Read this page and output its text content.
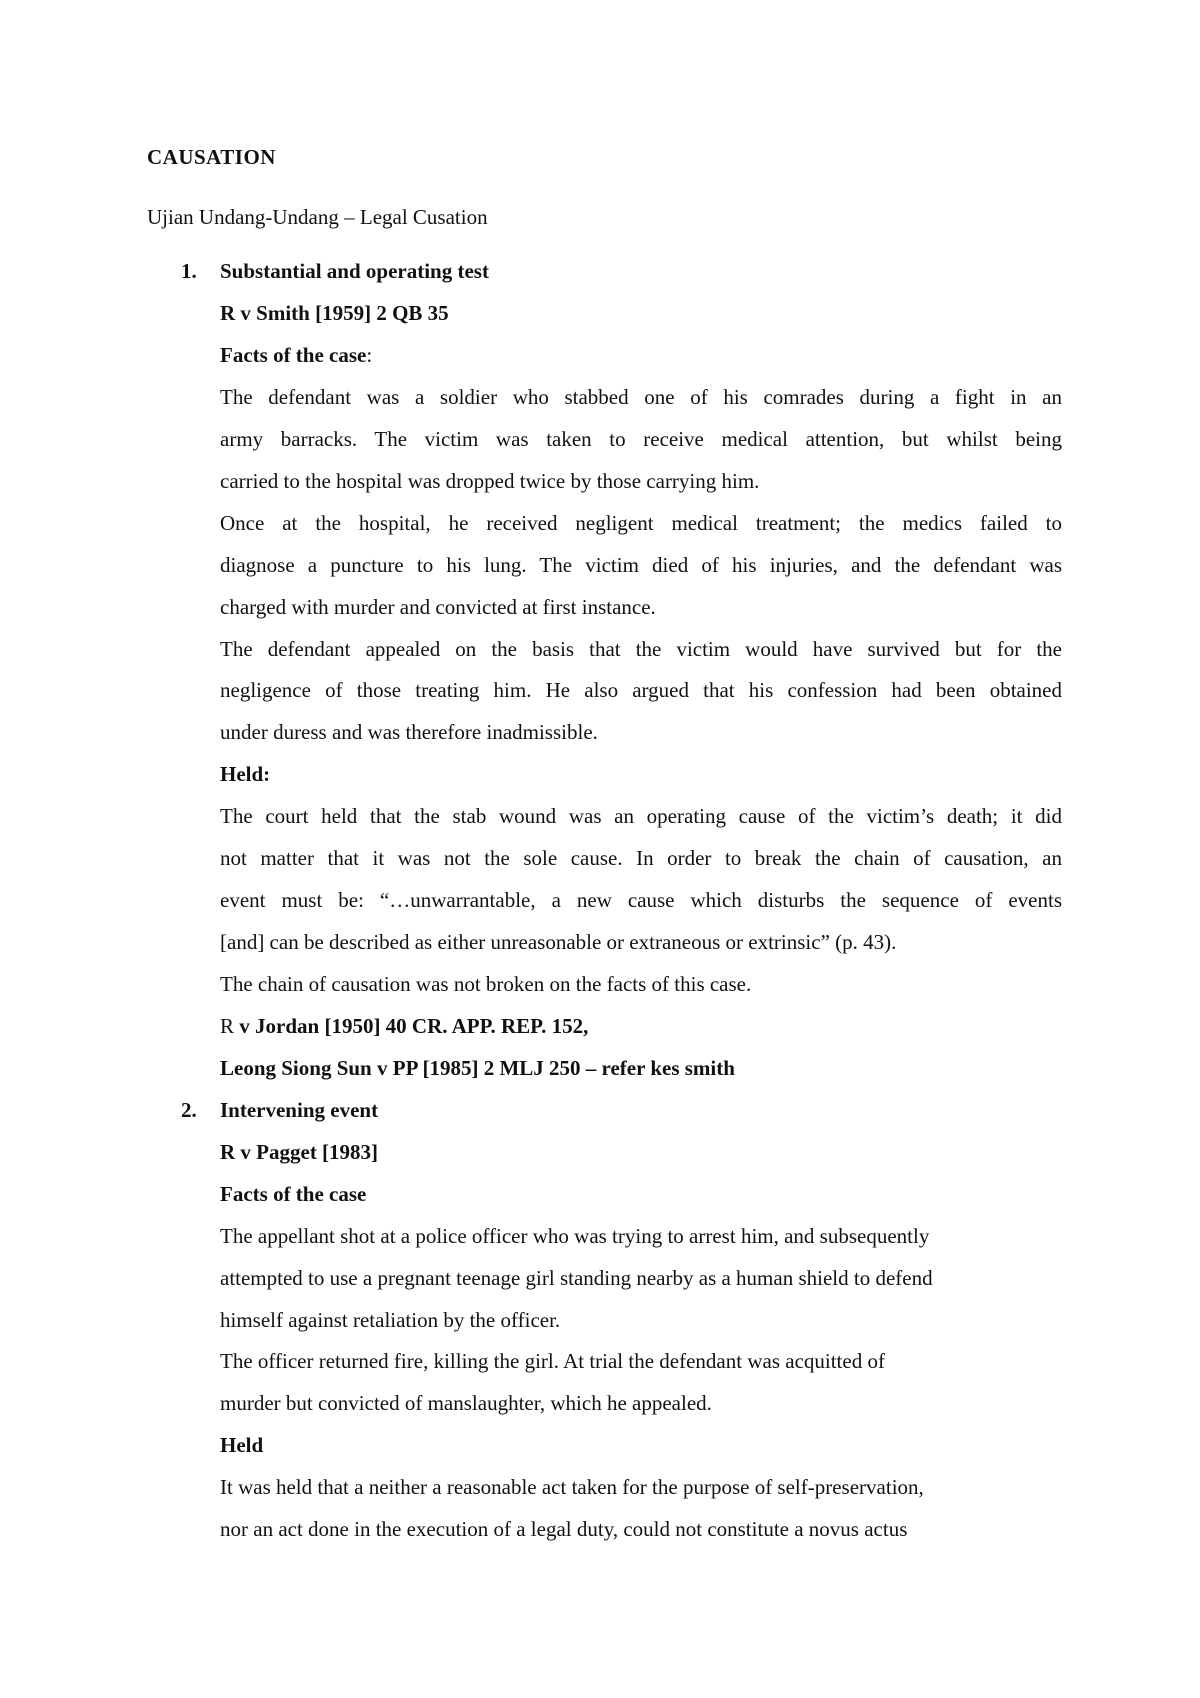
CAUSATION
Ujian Undang-Undang – Legal Cusation
1. Substantial and operating test
R v Smith [1959] 2 QB 35
Facts of the case:
The defendant was a soldier who stabbed one of his comrades during a fight in an
army barracks. The victim was taken to receive medical attention, but whilst being
carried to the hospital was dropped twice by those carrying him.
Once at the hospital, he received negligent medical treatment; the medics failed to
diagnose a puncture to his lung. The victim died of his injuries, and the defendant was
charged with murder and convicted at first instance.
The defendant appealed on the basis that the victim would have survived but for the
negligence of those treating him. He also argued that his confession had been obtained
under duress and was therefore inadmissible.
Held:
The court held that the stab wound was an operating cause of the victim’s death; it did
not matter that it was not the sole cause. In order to break the chain of causation, an
event must be: “…unwarrantable, a new cause which disturbs the sequence of events
[and] can be described as either unreasonable or extraneous or extrinsic” (p. 43).
The chain of causation was not broken on the facts of this case.
R v Jordan [1950] 40 CR. APP. REP. 152,
Leong Siong Sun v PP [1985] 2 MLJ 250 – refer kes smith
2. Intervening event
R v Pagget [1983]
Facts of the case
The appellant shot at a police officer who was trying to arrest him, and subsequently
attempted to use a pregnant teenage girl standing nearby as a human shield to defend
himself against retaliation by the officer.
The officer returned fire, killing the girl. At trial the defendant was acquitted of
murder but convicted of manslaughter, which he appealed.
Held
It was held that a neither a reasonable act taken for the purpose of self-preservation,
nor an act done in the execution of a legal duty, could not constitute a novus actus
